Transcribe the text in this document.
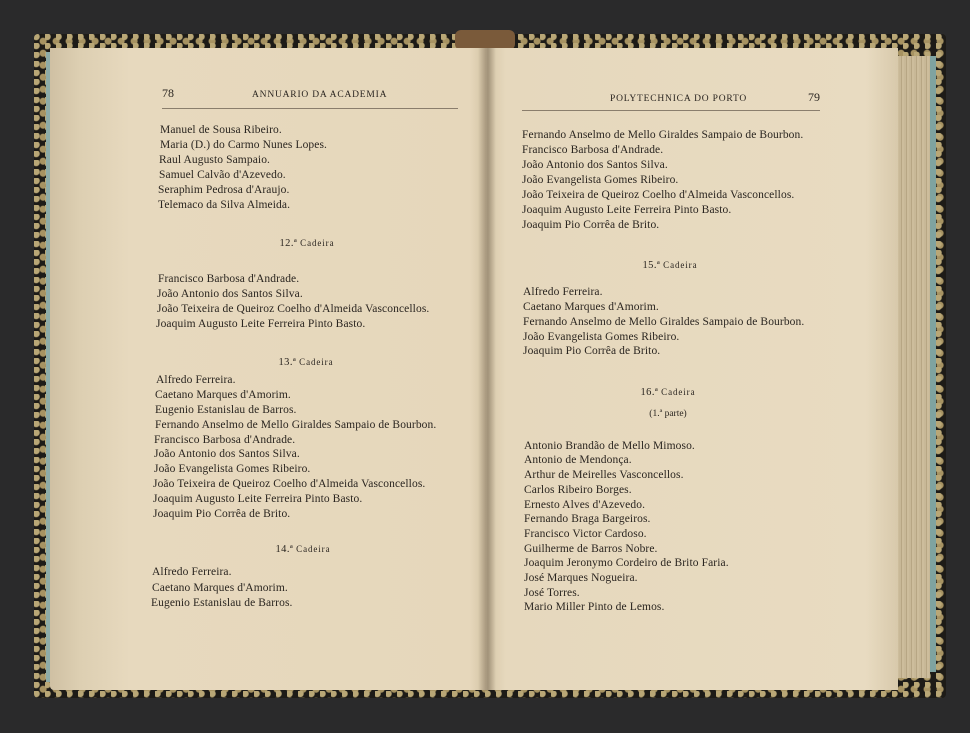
78	ANNUARIO DA ACADEMIA
Manuel de Sousa Ribeiro.
Maria (D.) do Carmo Nunes Lopes.
Raul Augusto Sampaio.
Samuel Calvão d'Azevedo.
Seraphim Pedrosa d'Araujo.
Telemaco da Silva Almeida.
12.ª Cadeira
Francisco Barbosa d'Andrade.
João Antonio dos Santos Silva.
João Teixeira de Queiroz Coelho d'Almeida Vasconcellos.
Joaquim Augusto Leite Ferreira Pinto Basto.
13.ª Cadeira
Alfredo Ferreira.
Caetano Marques d'Amorim.
Eugenio Estanislau de Barros.
Fernando Anselmo de Mello Giraldes Sampaio de Bourbon.
Francisco Barbosa d'Andrade.
João Antonio dos Santos Silva.
João Evangelista Gomes Ribeiro.
João Teixeira de Queiroz Coelho d'Almeida Vasconcellos.
Joaquim Augusto Leite Ferreira Pinto Basto.
Joaquim Pio Corrêa de Brito.
14.ª Cadeira
Alfredo Ferreira.
Caetano Marques d'Amorim.
Eugenio Estanislau de Barros.
POLYTECHNICA DO PORTO	79
Fernando Anselmo de Mello Giraldes Sampaio de Bourbon.
Francisco Barbosa d'Andrade.
João Antonio dos Santos Silva.
João Evangelista Gomes Ribeiro.
João Teixeira de Queiroz Coelho d'Almeida Vasconcellos.
Joaquim Augusto Leite Ferreira Pinto Basto.
Joaquim Pio Corrêa de Brito.
15.ª Cadeira
Alfredo Ferreira.
Caetano Marques d'Amorim.
Fernando Anselmo de Mello Giraldes Sampaio de Bourbon.
João Evangelista Gomes Ribeiro.
Joaquim Pio Corrêa de Brito.
16.ª Cadeira
(1.ª parte)
Antonio Brandão de Mello Mimoso.
Antonio de Mendonça.
Arthur de Meirelles Vasconcellos.
Carlos Ribeiro Borges.
Ernesto Alves d'Azevedo.
Fernando Braga Bargeiros.
Francisco Victor Cardoso.
Guilherme de Barros Nobre.
Joaquim Jeronymo Cordeiro de Brito Faria.
José Marques Nogueira.
José Torres.
Mario Miller Pinto de Lemos.
